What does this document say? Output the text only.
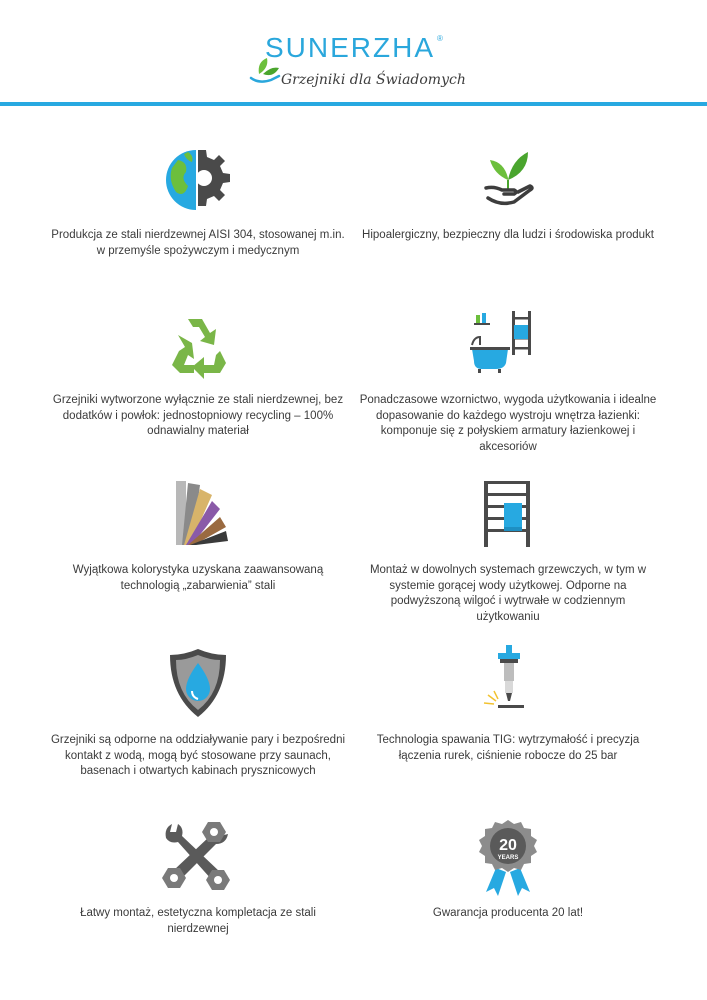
SUNERZHA ®
Grzejniki dla Świadomych
Produkcja ze stali nierdzewnej AISI 304, stosowanej m.in. w przemyśle spożywczym i medycznym
Hipoalergiczny, bezpieczny dla ludzi i środowiska produkt
Grzejniki wytworzone wyłącznie ze stali nierdzewnej, bez dodatków i powłok: jednostopniowy recycling – 100% odnawialny materiał
Ponadczasowe wzornictwo, wygoda użytkowania i idealne dopasowanie do każdego wystroju wnętrza łazienki: komponuje się z połyskiem armatury łazienkowej i akcesoriów
Wyjątkowa kolorystyka uzyskana zaawansowaną technologią „zabarwienia” stali
Montaż w dowolnych systemach grzewczych, w tym w systemie gorącej wody użytkowej. Odporne na podwyższoną wilgoć i wytrwałe w codziennym użytkowaniu
Grzejniki są odporne na oddziaływanie pary i bezpośredni kontakt z wodą, mogą być stosowane przy saunach, basenach i otwartych kabinach prysznicowych
Technologia spawania TIG: wytrzymałość i precyzja łączenia rurek, ciśnienie robocze do 25 bar
Łatwy montaż, estetyczna kompletacja ze stali nierdzewnej
20
YEARS
Gwarancja producenta 20 lat!
